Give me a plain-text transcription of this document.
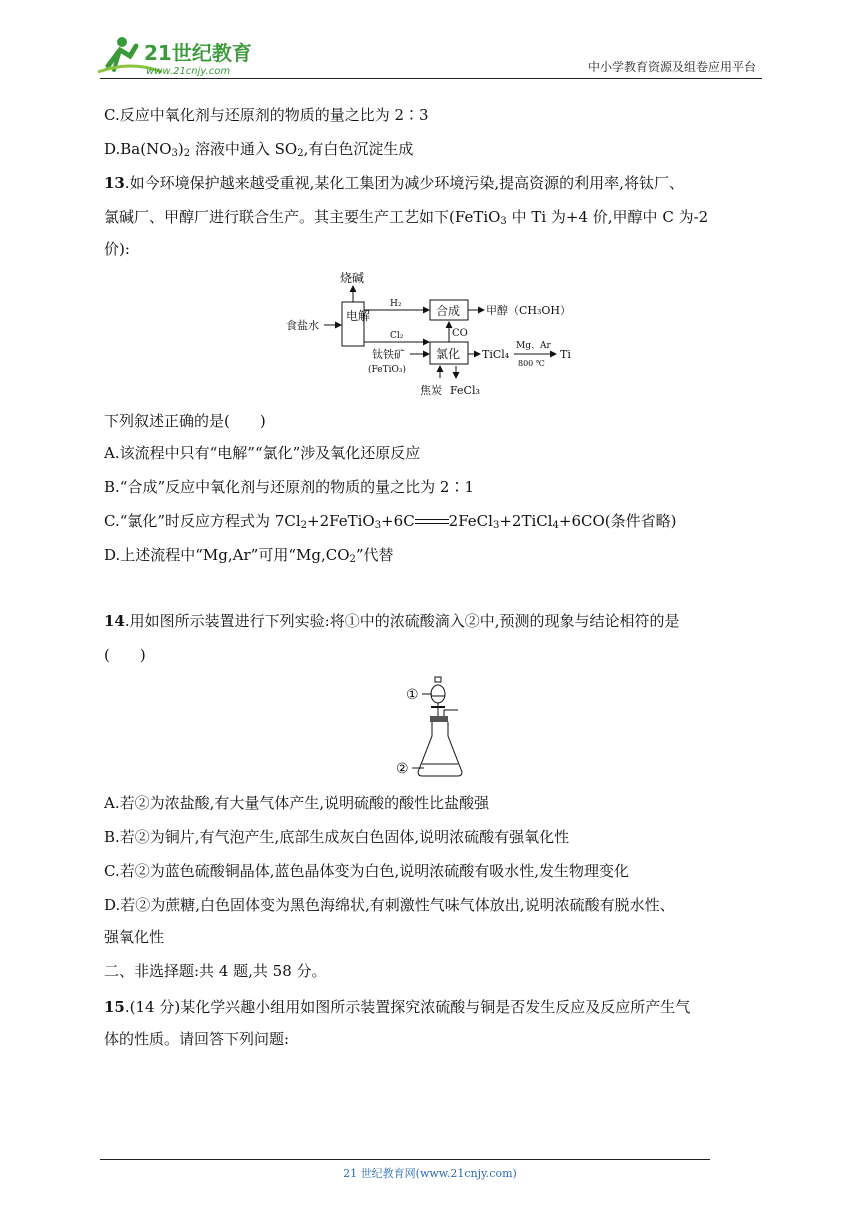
21世纪教育
www.21cnjy.com	中小学教育资源及组卷应用平台
C.反应中氧化剂与还原剂的物质的量之比为 2∶3
$D.Ba(NO_3)_2$ 溶液中通入 $SO_2$,有白色沉淀生成
13.如今环境保护越来越受重视,某化工集团为减少环境污染,提高资源的利用率,将钛厂、
氯碱厂、甲醇厂进行联合生产。其主要生产工艺如下(FeTiO$_3$ 中 Ti 为+4 价,甲醇中 C 为-2
价):
电解
食盐水
烧碱
H₂	合成 甲醇（CH₃OH）
Cl₂
钛铁矿
(FeTiO₃)
氯化
CO
焦炭 FeCl₃
TiCl₄
Mg、Ar
800 ℃
Ti
下列叙述正确的是(　　)
A.该流程中只有“电解”“氯化”涉及氧化还原反应
B.“合成”反应中氧化剂与还原剂的物质的量之比为 2∶1
C.“氯化”时反应方程式为 $7Cl_2+2FeTiO_3+6C$ 2FeCl$_3$+2TiCl$_4$+6CO(条件省略)
D.上述流程中“Mg,Ar”可用“$Mg,CO_2$”代替
14.用如图所示装置进行下列实验:将①中的浓硫酸滴入②中,预测的现象与结论相符的是
(　　)
①
②
A.若②为浓盐酸,有大量气体产生,说明硫酸的酸性比盐酸强
B.若②为铜片,有气泡产生,底部生成灰白色固体,说明浓硫酸有强氧化性
C.若②为蓝色硫酸铜晶体,蓝色晶体变为白色,说明浓硫酸有吸水性,发生物理变化
D.若②为蔗糖,白色固体变为黑色海绵状,有刺激性气味气体放出,说明浓硫酸有脱水性、
强氧化性
二、非选择题:共 4 题,共 58 分。
15.(14 分)某化学兴趣小组用如图所示装置探究浓硫酸与铜是否发生反应及反应所产生气
体的性质。请回答下列问题:
21 世纪教育网(www.21cnjy.com)
